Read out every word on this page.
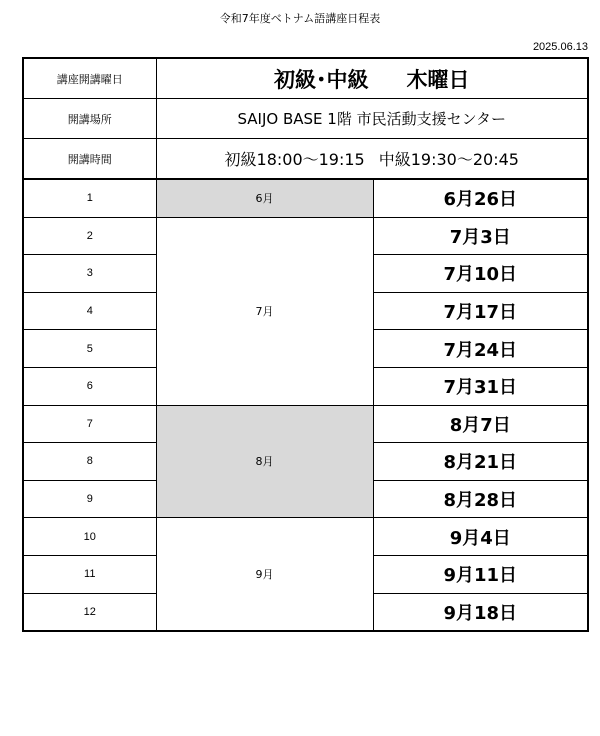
令和7年度ベトナム語講座日程表
2025.06.13
講座開講曜日	初級･中級 木曜日	
開講場所	SAIJO BASE 1階 市民活動支援センター	
開講時間	初級18:00～19:15 中級19:30～20:45	
1	6月	6月26日
2	7月	7月3日
3		7月10日
4		7月17日
5		7月24日
6		7月31日
7	8月	8月7日
8		8月21日
9		8月28日
10	9月	9月4日
11		9月11日
12		9月18日
